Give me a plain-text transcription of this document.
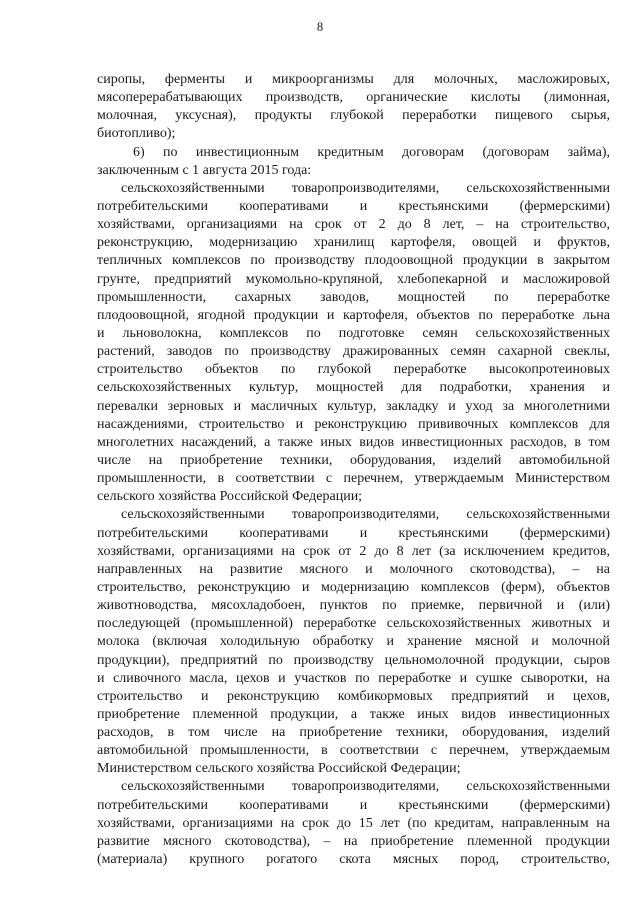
8
сиропы, ферменты и микроорганизмы для молочных, масложировых,
мясоперерабатывающих производств, органические кислоты (лимонная,
молочная, уксусная), продукты глубокой переработки пищевого сырья,
биотопливо);
6) по инвестиционным кредитным договорам (договорам займа),
заключенным с 1 августа 2015 года:
сельскохозяйственными товаропроизводителями, сельскохозяйственными
потребительскими кооперативами и крестьянскими (фермерскими)
хозяйствами, организациями на срок от 2 до 8 лет, – на строительство,
реконструкцию, модернизацию хранилищ картофеля, овощей и фруктов,
тепличных комплексов по производству плодоовощной продукции в закрытом
грунте, предприятий мукомольно-крупяной, хлебопекарной и масложировой
промышленности, сахарных заводов, мощностей по переработке
плодоовощной, ягодной продукции и картофеля, объектов по переработке льна
и льноволокна, комплексов по подготовке семян сельскохозяйственных
растений, заводов по производству дражированных семян сахарной свеклы,
строительство объектов по глубокой переработке высокопротеиновых
сельскохозяйственных культур, мощностей для подработки, хранения и
перевалки зерновых и масличных культур, закладку и уход за многолетними
насаждениями, строительство и реконструкцию прививочных комплексов для
многолетних насаждений, а также иных видов инвестиционных расходов, в том
числе на приобретение техники, оборудования, изделий автомобильной
промышленности, в соответствии с перечнем, утверждаемым Министерством
сельского хозяйства Российской Федерации;
сельскохозяйственными товаропроизводителями, сельскохозяйственными
потребительскими кооперативами и крестьянскими (фермерскими)
хозяйствами, организациями на срок от 2 до 8 лет (за исключением кредитов,
направленных на развитие мясного и молочного скотоводства), – на
строительство, реконструкцию и модернизацию комплексов (ферм), объектов
животноводства, мясохладобоен, пунктов по приемке, первичной и (или)
последующей (промышленной) переработке сельскохозяйственных животных и
молока (включая холодильную обработку и хранение мясной и молочной
продукции), предприятий по производству цельномолочной продукции, сыров
и сливочного масла, цехов и участков по переработке и сушке сыворотки, на
строительство и реконструкцию комбикормовых предприятий и цехов,
приобретение племенной продукции, а также иных видов инвестиционных
расходов, в том числе на приобретение техники, оборудования, изделий
автомобильной промышленности, в соответствии с перечнем, утверждаемым
Министерством сельского хозяйства Российской Федерации;
сельскохозяйственными товаропроизводителями, сельскохозяйственными
потребительскими кооперативами и крестьянскими (фермерскими)
хозяйствами, организациями на срок до 15 лет (по кредитам, направленным на
развитие мясного скотоводства), – на приобретение племенной продукции
(материала) крупного рогатого скота мясных пород, строительство,
